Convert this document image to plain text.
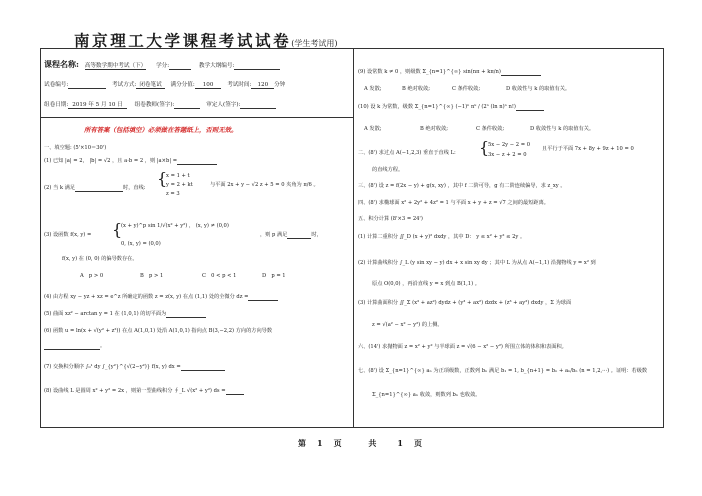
南京理工大学课程考试试卷(学生考试用)
课程名称: 高等数学期中考试（下） 学分:	教学大纲编号:
试卷编号:	考试方式: 闭卷笔试 满分分值: 100 考试时间: 120 分钟
组卷日期: 2019 年 5 月 10 日 组卷教师(签字):	审定人(签字):
所有答案（包括填空）必须做在答题纸上，否则无效。
一、填空题: (5'×10＝30')
(1) 已知 |a| = 2， |b| = √2 ，且 a·b = 2 ，则 |a×b| =
(2) 当 k 满足	时，直线: {
x = 1 + t
y = 2 + kt
z = 3
与平面 2x + y − √2 z + 5 = 0 夹角为 π/6 。
(3) 设函数 f(x, y) = {
(x + y)^p sin 1/√(x² + y²) ， (x, y) ≠ (0,0)
0, (x, y) = (0,0)
，则 p 满足	时，
f(x, y) 在 (0, 0) 的偏导数存在。
A　p > 0	B　p > 1	C　0 < p < 1	D　p = 1
(4) 由方程 xy − yz + xz = e^z 所确定的函数 z = z(x, y) 在点 (1,1) 处的全微分 dz =
(5) 曲面 xz² − arctan y = 1 在 (1,0,1) 的切平面为
(6) 函数 u = ln(x + √(y² + z²)) 在点 A(1,0,1) 处沿 A(1,0,1) 指向点 B(3,−2,2) 方向的方向导数
。
(7) 交换积分顺序 ∫₀¹ dy ∫_{y²}^{√(2−y²)} f(x, y) dx =
(8) 设曲线 L 是圆周 x² + y² = 2x ，则第一型曲线积分 ∮_L √(x² + y²) ds =
(9) 设常数 k ≠ 0 ，则级数 Σ_{n=1}^{∞} sin(nπ + kπ/n)
A 发散;	B 绝对收敛;	C 条件收敛;	D 收敛性与 k 的取值有关。
(10) 设 k 为常数，级数 Σ_{n=1}^{∞} (−1)ⁿ nᵏ / (2ⁿ (ln n)ⁿ n!)
A 发散;	B 绝对收敛;	C 条件收敛;	D 收敛性与 k 的取值有关。
二、(8') 求过点 A(−1,2,3) 垂直于直线 L: {
5x − 2y − 2 = 0
3x − z + 2 = 0
且平行于平面 7x + 8y + 9z + 10 = 0
的直线方程。
三、(8') 设 z = f(2x − y) + g(x, xy) ，其中 f 二阶可导，g 有二阶连续偏导，求 z_xy 。
四、(8') 求椭球面 x² + 2y² + 4z² = 1 与平面 x + y + z = √7 之间的最短距离。
五、积分计算 (8'×3 = 24')
(1) 计算二重积分 ∬_D (x + y)² dxdy ，其中 D： y ≤ x² + y² ≤ 2y 。
(2) 计算曲线积分 ∫_L (y sin xy − y) dx + x sin xy dy ；其中 L 为从点 A(−1,1) 沿抛物线 y = x² 到
原点 O(0,0) ，再沿直线 y = x 到点 B(1,1) 。
(3) 计算曲面积分 ∬_Σ (x³ + az²) dydz + (y³ + ax²) dzdx + (z³ + ay²) dxdy ，Σ 为球面
z = √(a² − x² − y²) 的上侧。
六、(14') 求抛物面 z = x² + y² 与半球面 z = √(6 − x² − y²) 所围立体的体积和表面积。
七、(8') 设 Σ_{n=1}^{∞} aₙ 为正项级数，正数列 bₙ 满足 b₁ = 1, b_{n+1} = bₙ + aₙ/bₙ (n = 1,2,···) 。证明：若级数
Σ_{n=1}^{∞} aₙ 收敛，则数列 bₙ 也收敛。
第 1 页	共	1 页
